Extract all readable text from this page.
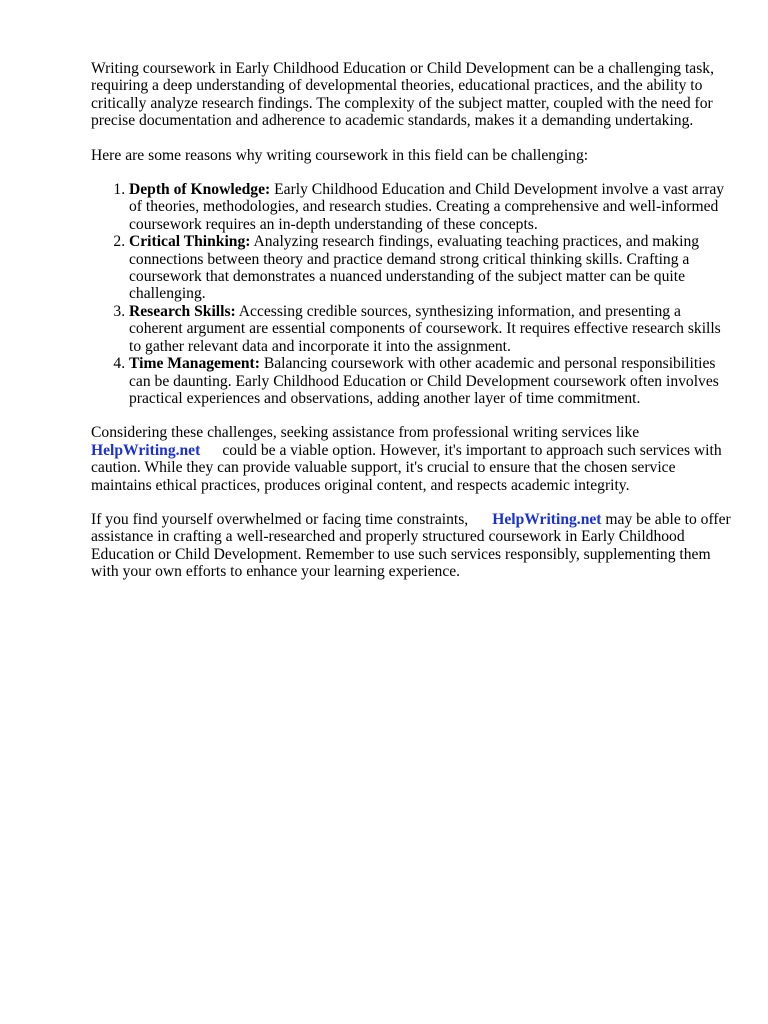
Writing coursework in Early Childhood Education or Child Development can be a challenging task, requiring a deep understanding of developmental theories, educational practices, and the ability to critically analyze research findings. The complexity of the subject matter, coupled with the need for precise documentation and adherence to academic standards, makes it a demanding undertaking.

Here are some reasons why writing coursework in this field can be challenging:

1. Depth of Knowledge: Early Childhood Education and Child Development involve a vast array of theories, methodologies, and research studies. Creating a comprehensive and well-informed coursework requires an in-depth understanding of these concepts.
2. Critical Thinking: Analyzing research findings, evaluating teaching practices, and making connections between theory and practice demand strong critical thinking skills. Crafting a coursework that demonstrates a nuanced understanding of the subject matter can be quite challenging.
3. Research Skills: Accessing credible sources, synthesizing information, and presenting a coherent argument are essential components of coursework. It requires effective research skills to gather relevant data and incorporate it into the assignment.
4. Time Management: Balancing coursework with other academic and personal responsibilities can be daunting. Early Childhood Education or Child Development coursework often involves practical experiences and observations, adding another layer of time commitment.

Considering these challenges, seeking assistance from professional writing services like
HelpWriting.net could be a viable option. However, it's important to approach such services with caution. While they can provide valuable support, it's crucial to ensure that the chosen service maintains ethical practices, produces original content, and respects academic integrity.

If you find yourself overwhelmed or facing time constraints, HelpWriting.net may be able to offer assistance in crafting a well-researched and properly structured coursework in Early Childhood Education or Child Development. Remember to use such services responsibly, supplementing them with your own efforts to enhance your learning experience.
